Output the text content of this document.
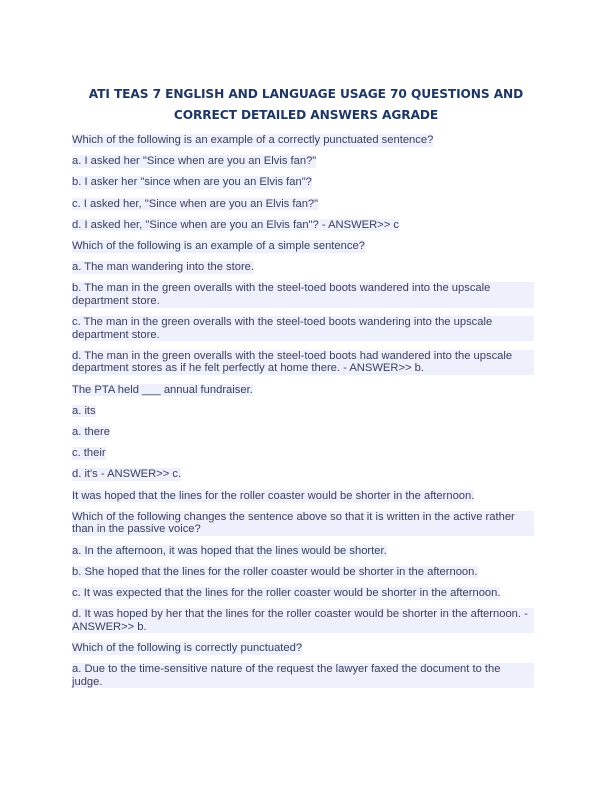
ATI TEAS 7 ENGLISH AND LANGUAGE USAGE 70 QUESTIONS AND
CORRECT DETAILED ANSWERS AGRADE

Which of the following is an example of a correctly punctuated sentence?

a. I asked her "Since when are you an Elvis fan?"

b. I asker her "since when are you an Elvis fan"?

c. I asked her, "Since when are you an Elvis fan?"

d. I asked her, "Since when are you an Elvis fan"? - ANSWER>> c

Which of the following is an example of a simple sentence?

a. The man wandering into the store.

b. The man in the green overalls with the steel-toed boots wandered into the upscale department store.

c. The man in the green overalls with the steel-toed boots wandering into the upscale department store.

d. The man in the green overalls with the steel-toed boots had wandered into the upscale department stores as if he felt perfectly at home there. - ANSWER>> b.

The PTA held ___ annual fundraiser.

a. its

a. there

c. their

d. it's - ANSWER>> c.

It was hoped that the lines for the roller coaster would be shorter in the afternoon.

Which of the following changes the sentence above so that it is written in the active rather than in the passive voice?

a. In the afternoon, it was hoped that the lines would be shorter.

b. She hoped that the lines for the roller coaster would be shorter in the afternoon.

c. It was expected that the lines for the roller coaster would be shorter in the afternoon.

d. It was hoped by her that the lines for the roller coaster would be shorter in the afternoon. - ANSWER>> b.

Which of the following is correctly punctuated?

a. Due to the time-sensitive nature of the request the lawyer faxed the document to the judge.
